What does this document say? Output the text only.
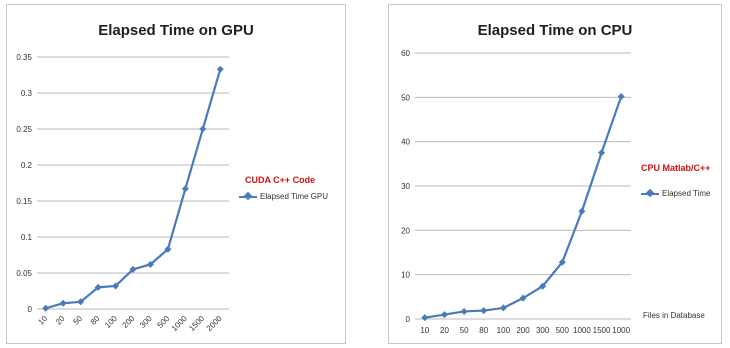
Elapsed Time on GPU
0
0.05
0.1
0.15
0.2
0.25
0.3
0.35
10 20 50 80 100 200 300 500
1000
1500
2000
CUDA C++ Code
Elapsed Time GPU
Elapsed Time on CPU
0
10
20
30
40
50
60
10 20 50 80 100 200 300 500 1000 1500 1000
CPU Matlab/C++
Elapsed Time
Files in Database
